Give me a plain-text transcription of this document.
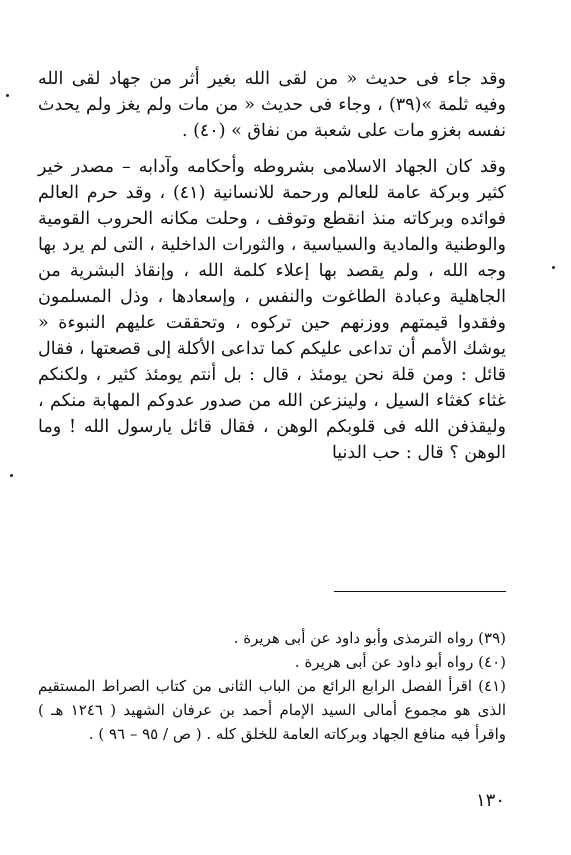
وقد جاء فى حديث « من لقى الله بغير أثر من جهاد لقى الله وفيه ثلمة »(٣٩) ، وجاء فى حديث « من مات ولم يغز ولم يحدث نفسه بغزو مات على شعبة من نفاق » (٤٠) .

وقد كان الجهاد الاسلامى بشروطه وأحكامه وآدابه – مصدر خير كثير وبركة عامة للعالم ورحمة للانسانية (٤١) ، وقد حرم العالم فوائده وبركاته منذ انقطع وتوقف ، وحلت مكانه الحروب القومية والوطنية والمادية والسياسية ، والثورات الداخلية ، التى لم يرد بها وجه الله ، ولم يقصد بها إعلاء كلمة الله ، وإنقاذ البشرية من الجاهلية وعبادة الطاغوت والنفس ، وإسعادها ، وذل المسلمون وفقدوا قيمتهم ووزنهم حين تركوه ، وتحققت عليهم النبوءة « يوشك الأمم أن تداعى عليكم كما تداعى الأكلة إلى قصعتها ، فقال قائل : ومن قلة نحن يومئذ ، قال : بل أنتم يومئذ كثير ، ولكنكم غثاء كغثاء السيل ، ولينزعن الله من صدور عدوكم المهابة منكم ، وليقذفن الله فى قلوبكم الوهن ، فقال قائل يارسول الله ! وما الوهن ؟ قال : حب الدنيا

(٣٩) رواه الترمذى وأبو داود عن أبى هريرة .

(٤٠) رواه أبو داود عن أبى هريرة .

(٤١) اقرأ الفصل الرابع الرائع من الباب الثانى من كتاب الصراط المستقيم الذى هو مجموع أمالى السيد الإمام أحمد بن عرفان الشهيد ( ١٢٤٦ هـ ) واقرأ فيه منافع الجهاد وبركاته العامة للخلق كله . ( ص / ٩٥ – ٩٦ ) .

١٣٠
